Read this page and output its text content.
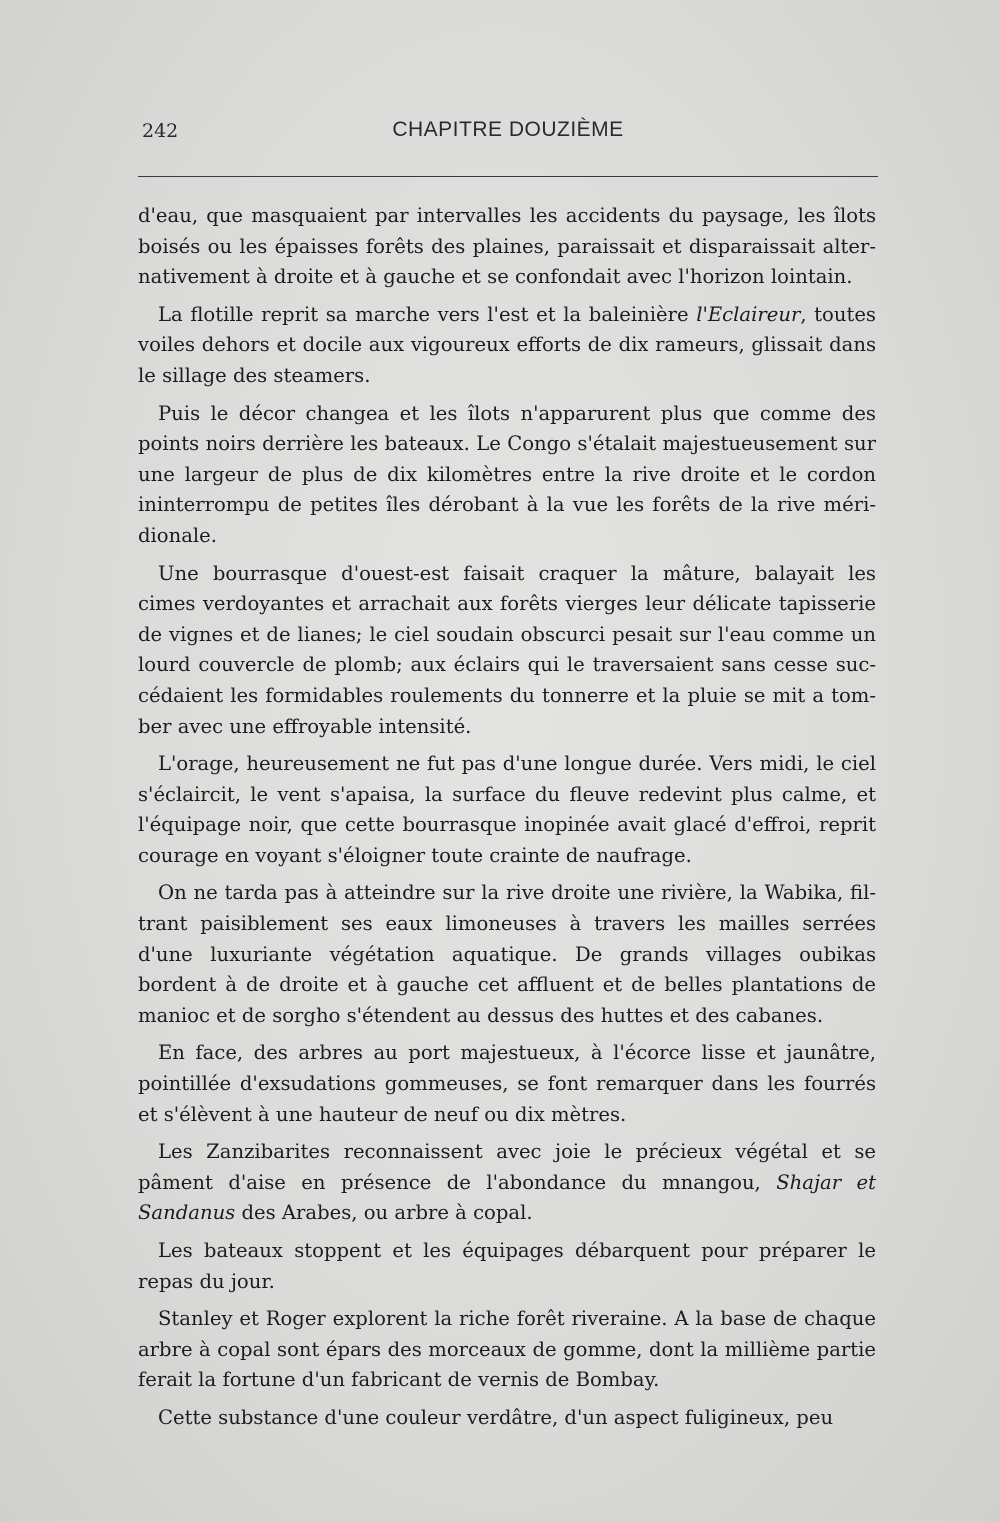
242	CHAPITRE DOUZIÈME

d'eau, que masquaient par intervalles les accidents du paysage, les îlots boisés ou les épaisses forêts des plaines, paraissait et disparaissait alternativement à droite et à gauche et se confondait avec l'horizon lointain.

La flotille reprit sa marche vers l'est et la baleinière l'Eclaireur, toutes voiles dehors et docile aux vigoureux efforts de dix rameurs, glissait dans le sillage des steamers.

Puis le décor changea et les îlots n'apparurent plus que comme des points noirs derrière les bateaux. Le Congo s'étalait majestueusement sur une largeur de plus de dix kilomètres entre la rive droite et le cordon ininterrompu de petites îles dérobant à la vue les forêts de la rive méridionale.

Une bourrasque d'ouest-est faisait craquer la mâture, balayait les cimes verdoyantes et arrachait aux forêts vierges leur délicate tapisserie de vignes et de lianes; le ciel soudain obscurci pesait sur l'eau comme un lourd couvercle de plomb; aux éclairs qui le traversaient sans cesse succédaient les formidables roulements du tonnerre et la pluie se mit a tomber avec une effroyable intensité.

L'orage, heureusement ne fut pas d'une longue durée. Vers midi, le ciel s'éclaircit, le vent s'apaisa, la surface du fleuve redevint plus calme, et l'équipage noir, que cette bourrasque inopinée avait glacé d'effroi, reprit courage en voyant s'éloigner toute crainte de naufrage.

On ne tarda pas à atteindre sur la rive droite une rivière, la Wabika, filtrant paisiblement ses eaux limoneuses à travers les mailles serrées d'une luxuriante végétation aquatique. De grands villages oubikas bordent à de droite et à gauche cet affluent et de belles plantations de manioc et de sorgho s'étendent au dessus des huttes et des cabanes.

En face, des arbres au port majestueux, à l'écorce lisse et jaunâtre, pointillée d'exsudations gommeuses, se font remarquer dans les fourrés et s'élèvent à une hauteur de neuf ou dix mètres.

Les Zanzibarites reconnaissent avec joie le précieux végétal et se pâment d'aise en présence de l'abondance du mnangou, Shajar et Sandanus des Arabes, ou arbre à copal.

Les bateaux stoppent et les équipages débarquent pour préparer le repas du jour.

Stanley et Roger explorent la riche forêt riveraine. A la base de chaque arbre à copal sont épars des morceaux de gomme, dont la millième partie ferait la fortune d'un fabricant de vernis de Bombay.

Cette substance d'une couleur verdâtre, d'un aspect fuligineux, peu
